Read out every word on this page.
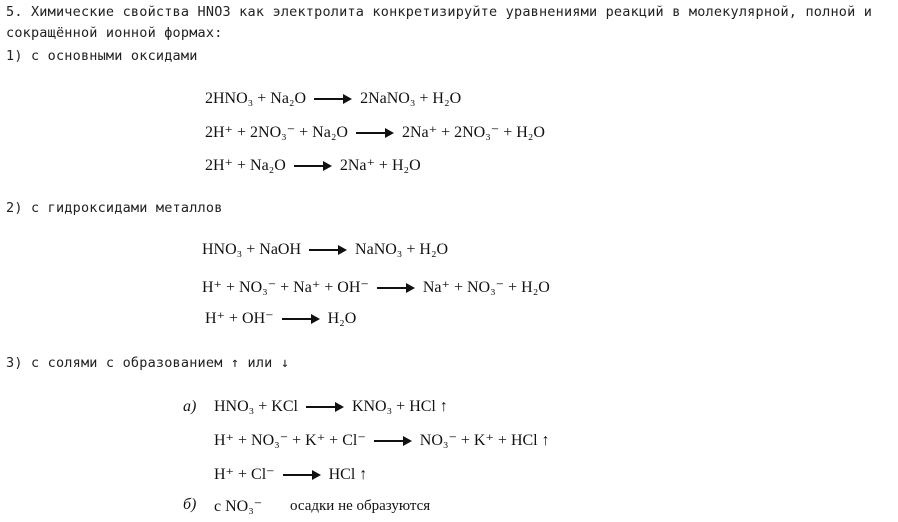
5. Химические свойства HNO3 как электролита конкретизируйте уравнениями реакций в молекулярной, полной и
сокращённой ионной формах:
1) с основными оксидами
2HNO₃ + Na₂O	2NaNO₃ + H₂O
2H⁺ + 2NO₃⁻ + Na₂O	2Na⁺ + 2NO₃⁻ + H₂O
2H⁺ + Na₂O	2Na⁺ + H₂O
2) с гидроксидами металлов
HNO₃ + NaOH	NaNO₃ + H₂O
H⁺ + NO₃⁻ + Na⁺ + OH⁻	Na⁺ + NO₃⁻ + H₂O
H⁺ + OH⁻	H₂O
3) с солями с образованием ↑ или ↓
а) HNO₃ + KCl	KNO₃ + HCl ↑
H⁺ + NO₃⁻ + K⁺ + Cl⁻	NO₃⁻ + K⁺ + HCl ↑
H⁺ + Cl⁻	HCl ↑
б) с NO₃⁻ осадки не образуются
